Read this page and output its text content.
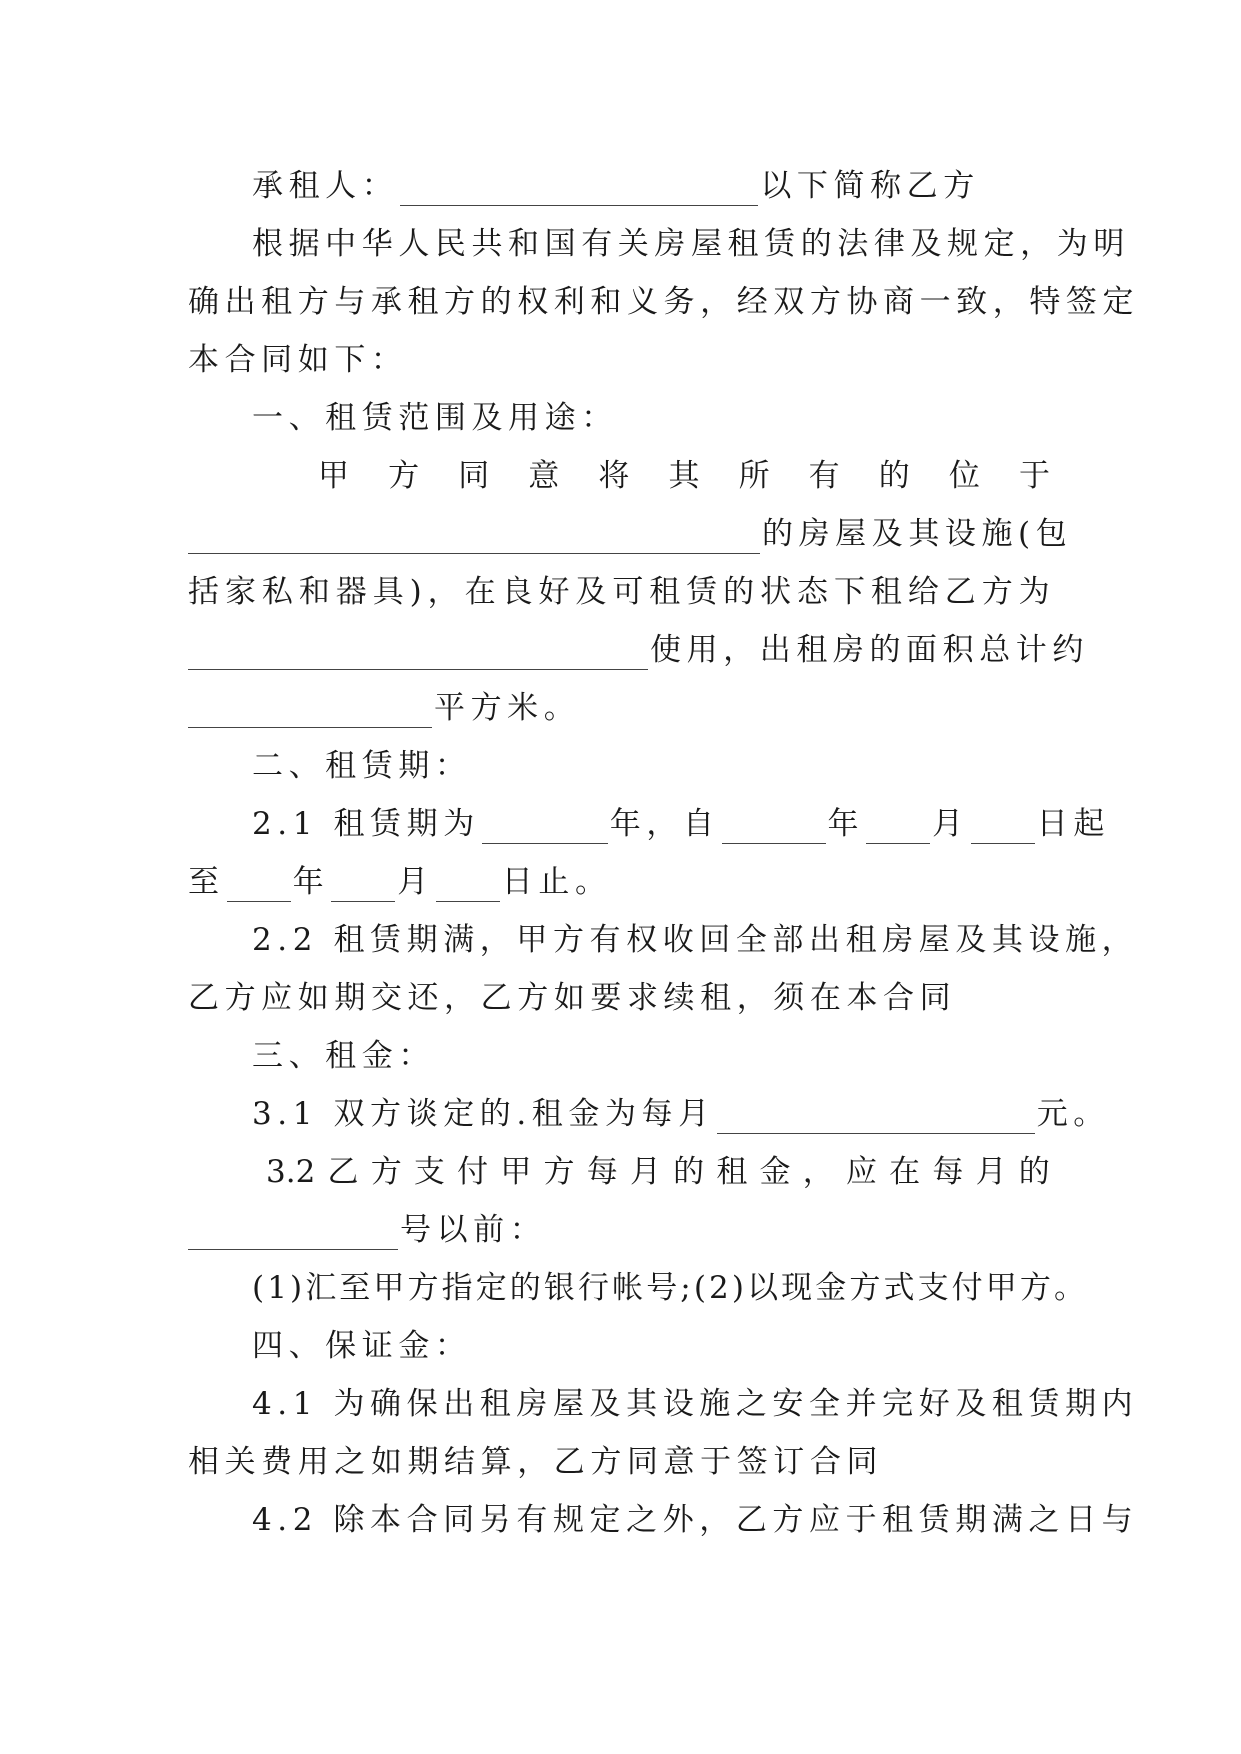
承租人：	以下简称乙方
根据中华人民共和国有关房屋租赁的法律及规定，为明
确出租方与承租方的权利和义务，经双方协商一致，特签定
本合同如下：
一、租赁范围及用途：
甲 方 同 意 将 其 所 有 的 位 于
的房屋及其设施(包
括 家 私 和 器 具 ) ， 在 良 好 及 可 租 赁 的 状 态 下 租 给 乙 方 为
使用，出租房的面积总计约
平方米。
二、租赁期：
2.1 租赁期为	年，自	年 月 日起
至 年 月 日止。
2.2 租赁期满，甲方有权收回全部出租房屋及其设施，
乙方应如期交还，乙方如要求续租，须在本合同
三、租金：
3.1 双方谈定的.租金为每月	元。
3.2 乙 方 支 付 甲 方 每 月 的 租 金 ， 应 在 每 月 的
号以前：
(1)汇至甲方指定的银行帐号;(2)以现金方式支付甲方。
四、保证金：
4.1 为确保出租房屋及其设施之安全并完好及租赁期内
相关费用之如期结算，乙方同意于签订合同
4.2 除本合同另有规定之外，乙方应于租赁期满之日与
